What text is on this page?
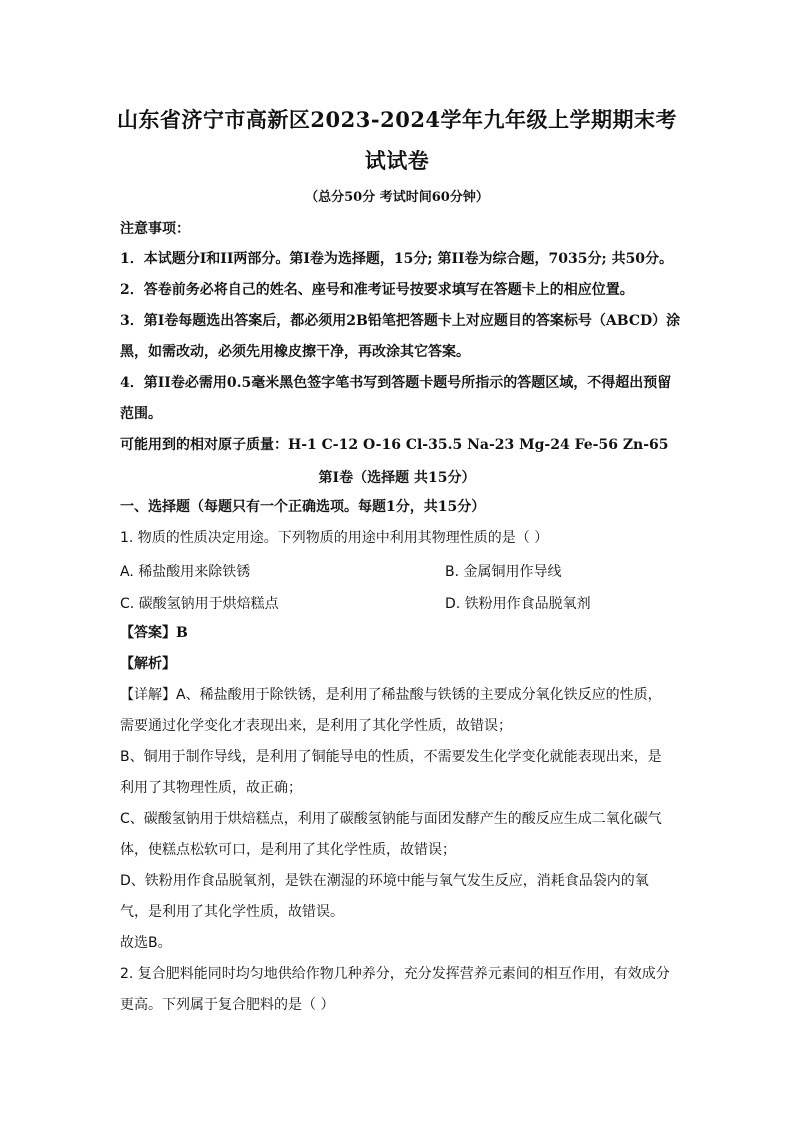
山东省济宁市高新区2023-2024学年九年级上学期期末考
试试卷
（总分50分 考试时间60分钟）
注意事项：
1．本试题分I和II两部分。第I卷为选择题，15分; 第II卷为综合题，7035分; 共50分。
2．答卷前务必将自己的姓名、座号和准考证号按要求填写在答题卡上的相应位置。
3．第I卷每题选出答案后，都必须用2B铅笔把答题卡上对应题目的答案标号（ABCD）涂
黑，如需改动，必须先用橡皮擦干净，再改涂其它答案。
4．第II卷必需用0.5毫米黑色签字笔书写到答题卡题号所指示的答题区域，不得超出预留
范围。
可能用到的相对原子质量：H-1 C-12 O-16 Cl-35.5 Na-23 Mg-24 Fe-56 Zn-65
第I卷（选择题 共15分）
一、选择题（每题只有一个正确选项。每题1分，共15分）
1. 物质的性质决定用途。下列物质的用途中利用其物理性质的是（ ）
A. 稀盐酸用来除铁锈	B. 金属铜用作导线
C. 碳酸氢钠用于烘焙糕点	D. 铁粉用作食品脱氧剂
【答案】B
【解析】
【详解】A、稀盐酸用于除铁锈，是利用了稀盐酸与铁锈的主要成分氧化铁反应的性质，
需要通过化学变化才表现出来，是利用了其化学性质，故错误；
B、铜用于制作导线，是利用了铜能导电的性质，不需要发生化学变化就能表现出来，是
利用了其物理性质，故正确；
C、碳酸氢钠用于烘焙糕点，利用了碳酸氢钠能与面团发酵产生的酸反应生成二氧化碳气
体，使糕点松软可口，是利用了其化学性质，故错误；
D、铁粉用作食品脱氧剂，是铁在潮湿的环境中能与氧气发生反应，消耗食品袋内的氧
气，是利用了其化学性质，故错误。
故选B。
2. 复合肥料能同时均匀地供给作物几种养分，充分发挥营养元素间的相互作用，有效成分
更高。下列属于复合肥料的是（ ）
